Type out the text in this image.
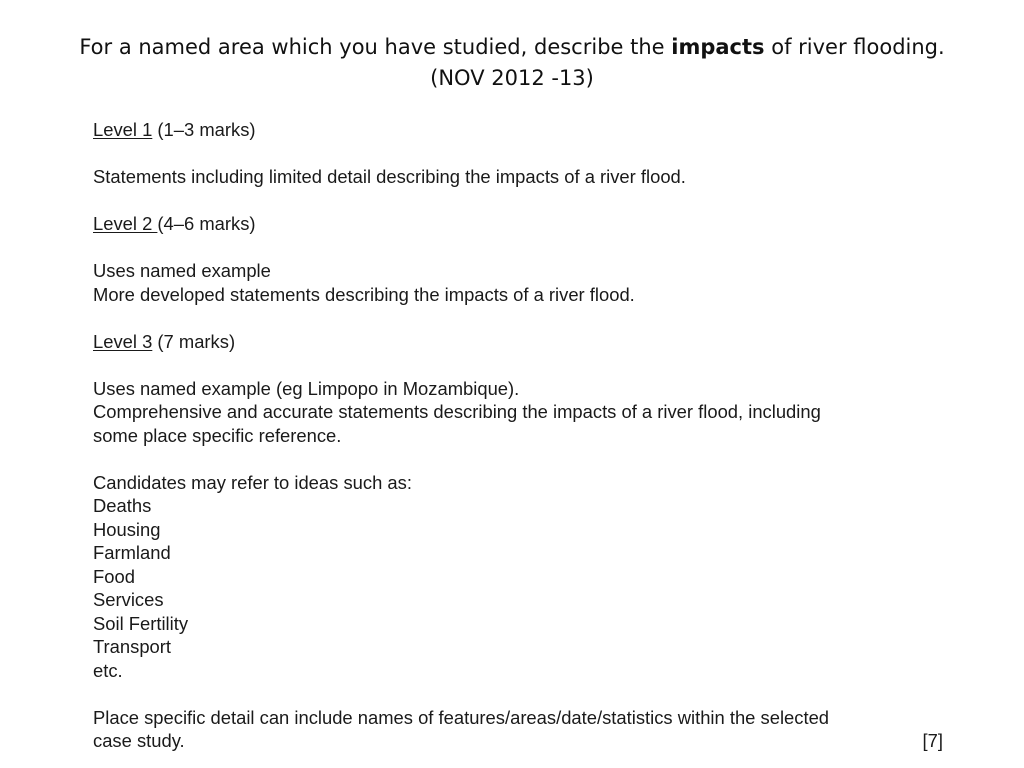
For a named area which you have studied, describe the impacts of river flooding.
(NOV 2012 -13)

Level 1 (1–3 marks)

Statements including limited detail describing the impacts of a river flood.

Level 2 (4–6 marks)

Uses named example

More developed statements describing the impacts of a river flood.

Level 3 (7 marks)

Uses named example (eg Limpopo in Mozambique).

Comprehensive and accurate statements describing the impacts of a river flood, including

some place specific reference.

Candidates may refer to ideas such as:

Deaths

Housing

Farmland

Food

Services

Soil Fertility

Transport

etc.

Place specific detail can include names of features/areas/date/statistics within the selected

case study.	[7]
